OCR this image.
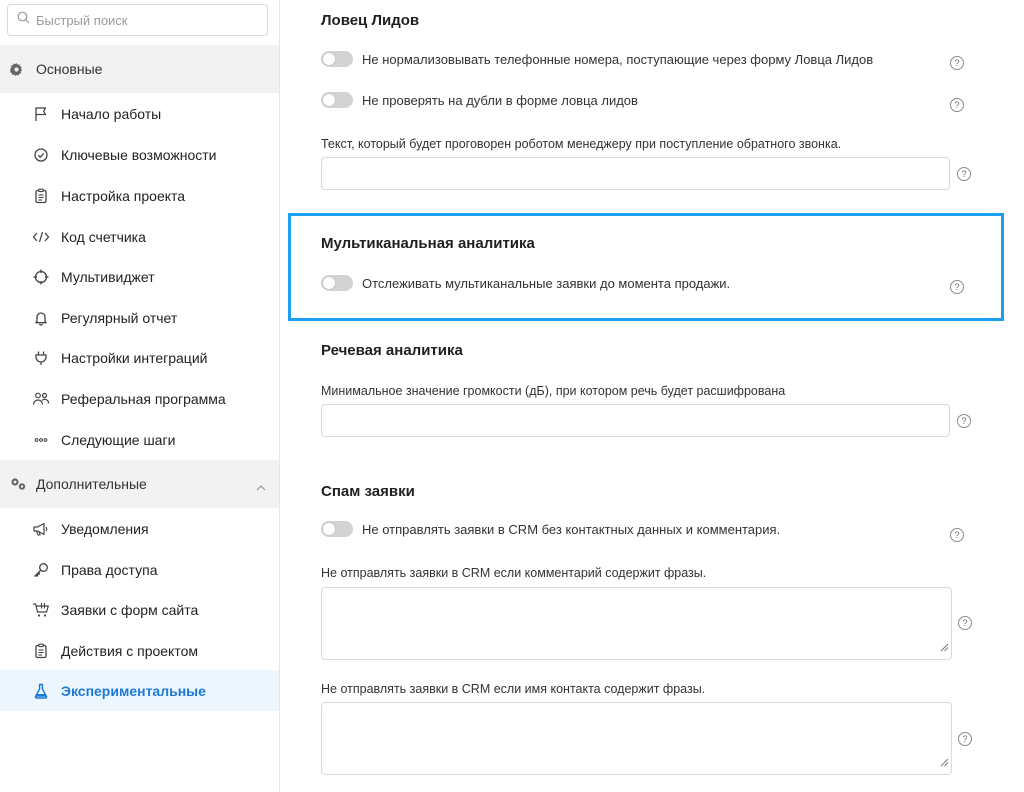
Быстрый поиск
Основные
Начало работы
Ключевые возможности
Настройка проекта
Код счетчика
Мультивиджет
Регулярный отчет
Настройки интеграций
Реферальная программа
Следующие шаги
Дополнительные
Уведомления
Права доступа
Заявки с форм сайта
Действия с проектом
Экспериментальные
Ловец Лидов
Не нормализовывать телефонные номера, поступающие через форму Ловца Лидов	?
Не проверять на дубли в форме ловца лидов	?
Текст, который будет проговорен роботом менеджеру при поступление обратного звонка.
?
Мультиканальная аналитика
Отслеживать мультиканальные заявки до момента продажи.	?
Речевая аналитика
Минимальное значение громкости (дБ), при котором речь будет расшифрована
?
Спам заявки
Не отправлять заявки в CRM без контактных данных и комментария.	?
Не отправлять заявки в CRM если комментарий содержит фразы.
?
Не отправлять заявки в CRM если имя контакта содержит фразы.
?
